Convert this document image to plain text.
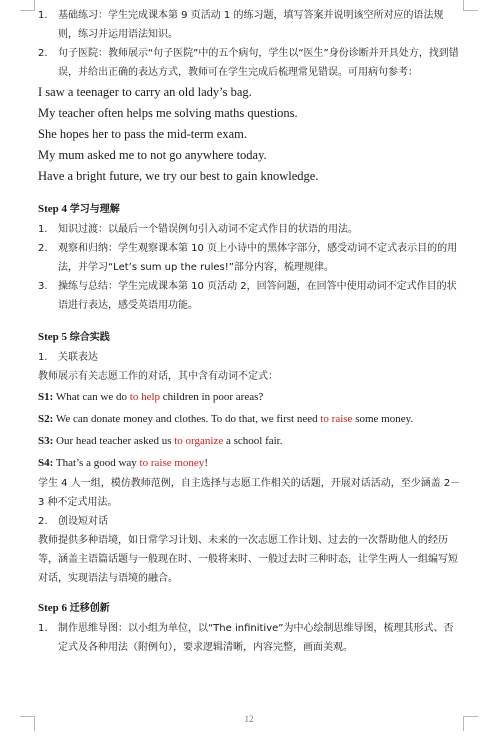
1. 基础练习：学生完成课本第 9 页活动 1 的练习题，填写答案并说明该空所对应的语法规则，练习并运用语法知识。
2. 句子医院：教师展示“句子医院”中的五个病句，学生以“医生”身份诊断并开具处方，找到错误，并给出正确的表达方式，教师可在学生完成后梳理常见错误。可用病句参考：

I saw a teenager to carry an old lady’s bag.

My teacher often helps me solving maths questions.

She hopes her to pass the mid-term exam.

My mum asked me to not go anywhere today.

Have a bright future, we try our best to gain knowledge.

Step 4 学习与理解

1. 知识过渡：以最后一个错误例句引入动词不定式作目的状语的用法。
2. 观察和归纳：学生观察课本第 10 页上小诗中的黑体字部分，感受动词不定式表示目的的用法，并学习“Let’s sum up the rules!”部分内容，梳理规律。
3. 操练与总结：学生完成课本第 10 页活动 2，回答问题，在回答中使用动词不定式作目的状语进行表达，感受英语用功能。

Step 5 综合实践

1. 关联表达

教师展示有关志愿工作的对话，其中含有动词不定式：

S1: What can we do to help children in poor areas?

S2: We can donate money and clothes. To do that, we first need to raise some money.

S3: Our head teacher asked us to organize a school fair.

S4: That’s a good way to raise money!

学生 4 人一组，模仿教师范例，自主选择与志愿工作相关的话题，开展对话活动，至少涵盖 2－3 种不定式用法。

2. 创设短对话

教师提供多种语境，如日常学习计划、未来的一次志愿工作计划、过去的一次帮助他人的经历等，涵盖主语篇话题与一般现在时、一般将来时、一般过去时三种时态，让学生两人一组编写短对话，实现语法与语境的融合。

Step 6 迁移创新

1. 制作思维导图：以小组为单位，以“The infinitive”为中心绘制思维导图，梳理其形式、否定式及各种用法（附例句），要求逻辑清晰，内容完整，画面美观。
12
